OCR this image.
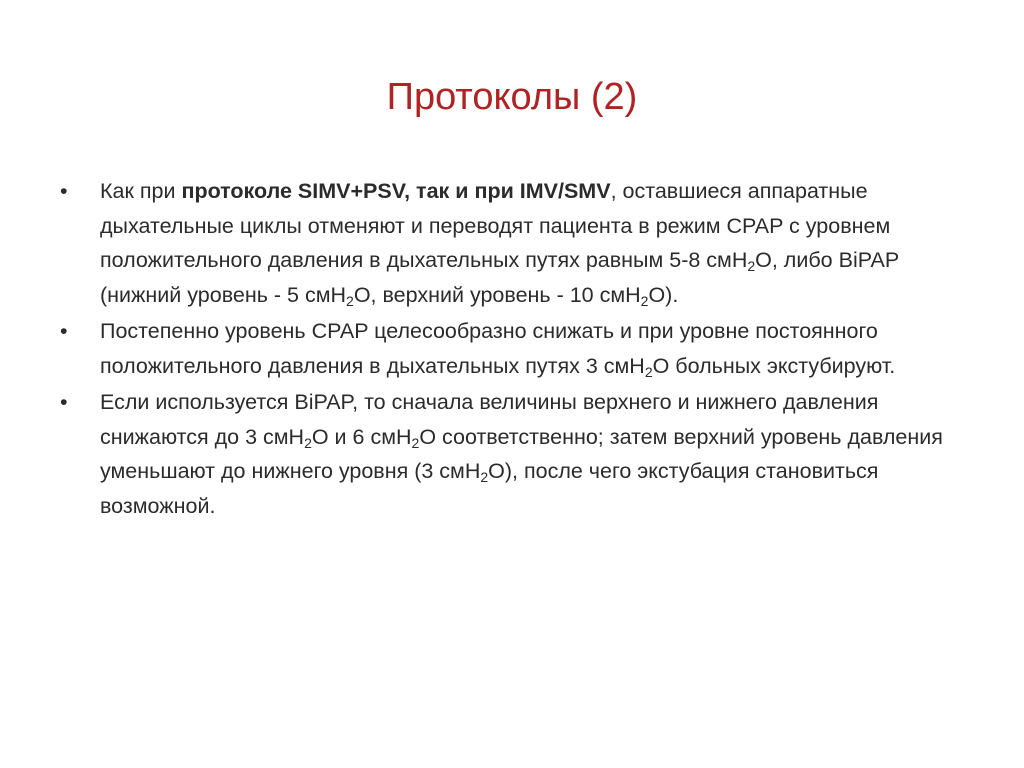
Протоколы (2)
•	Как при протоколе SIMV+PSV, так и при IMV/SMV, оставшиеся аппаратные дыхательные циклы отменяют и переводят пациента в режим CPAP с уровнем положительного давления в дыхательных путях равным 5-8 смН$_2$О, либо BiPAP (нижний уровень - 5 смН$_2$О, верхний уровень - 10 смН$_2$О).
•	Постепенно уровень CPAP целесообразно снижать и при уровне постоянного положительного давления в дыхательных путях 3 смН$_2$О больных экстубируют.
•	Если используется BiPAP, то сначала величины верхнего и нижнего давления снижаются до 3 смН$_2$О и 6 смН$_2$О соответственно; затем верхний уровень давления уменьшают до нижнего уровня (3 смН$_2$О), после чего экстубация становиться возможной.
